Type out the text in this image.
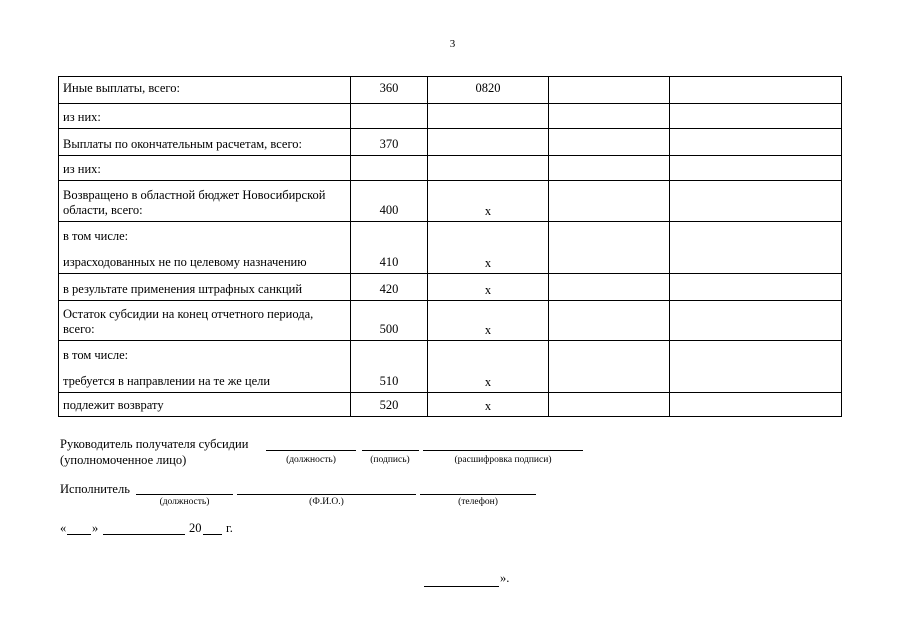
3
Иные выплаты, всего:	360	0820		
из них:				
Выплаты по окончательным расчетам, всего:	370			
из них:				

Возвращено в областной бюджет Новосибирской
области, всего:	400	x		

в том числе:
израсходованных не по целевому назначению	410	x		
в результате применения штрафных санкций	420	x		

Остаток субсидии на конец отчетного периода,
всего:	500	x		

в том числе:
требуется в направлении на те же цели	510	x		
подлежит возврату	520	x		
Руководитель получателя субсидии
(уполномоченное лицо)	(должность)	(подпись)	(расшифровка подписи)
Исполнитель
(должность)	(Ф.И.О.)	(телефон)
« »	20 г.
».
